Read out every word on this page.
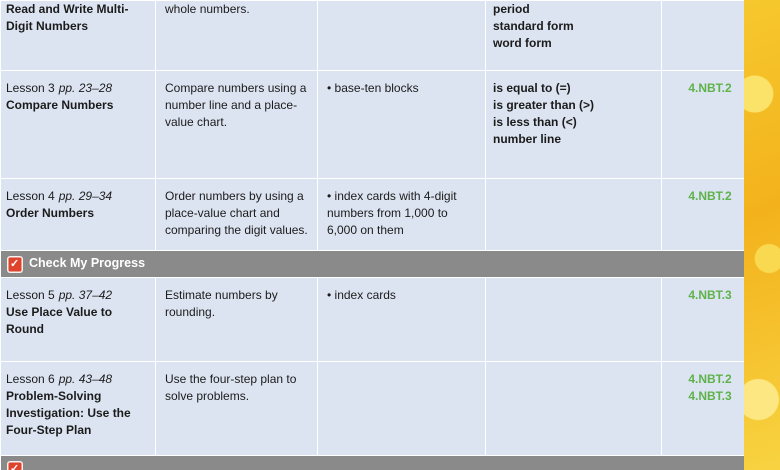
Read and Write Multi-
Digit Numbers	whole numbers.		period
standard form
word form	

Lesson 3 pp. 23–28
Compare Numbers	Compare numbers using a number line and a place-value chart.	• base-ten blocks	is equal to (=)
is greater than (>)
is less than (<)
number line	4.NBT.2

Lesson 4 pp. 29–34
Order Numbers	Order numbers by using a place-value chart and comparing the digit values.	• index cards with 4-digit numbers from 1,000 to 6,000 on them		4.NBT.2

✓Check My Progress

Lesson 5 pp. 37–42
Use Place Value to Round	Estimate numbers by rounding.	• index cards		4.NBT.3

Lesson 6 pp. 43–48
Problem-Solving Investigation: Use the Four-Step Plan	Use the four-step plan to solve problems.			4.NBT.2
4.NBT.3

✓
